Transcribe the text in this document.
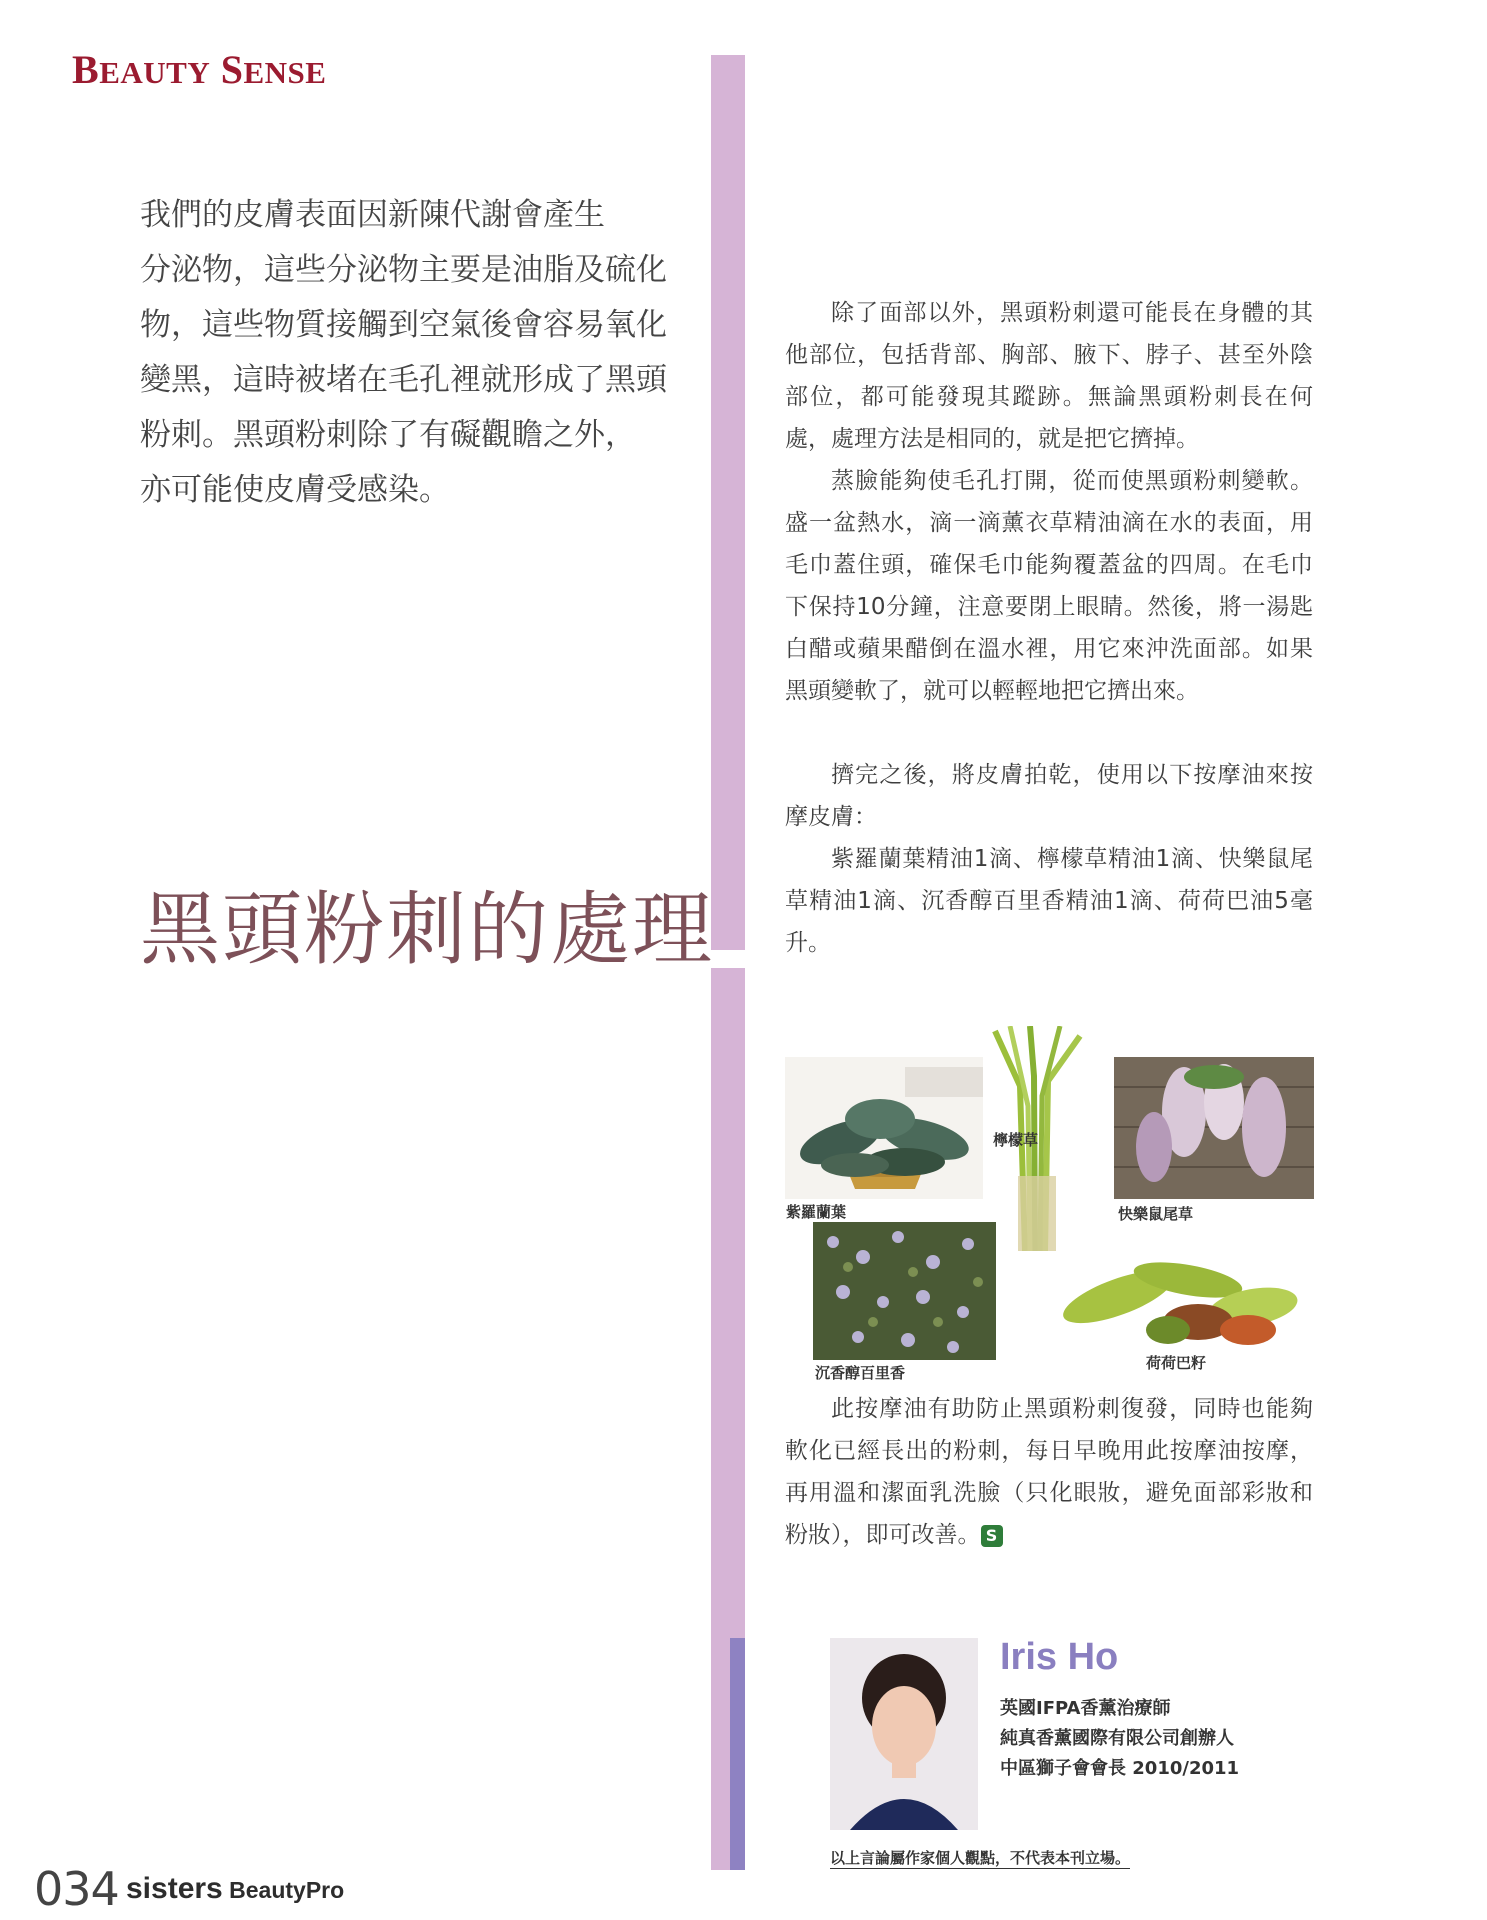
BEAUTY SENSE

我們的皮膚表面因新陳代謝會產生

分泌物，這些分泌物主要是油脂及硫化

物，這些物質接觸到空氣後會容易氧化

變黑，這時被堵在毛孔裡就形成了黑頭

粉刺。黑頭粉刺除了有礙觀瞻之外，

亦可能使皮膚受感染。

黑頭粉刺的處理

除了面部以外，黑頭粉刺還可能長在身體的其他部位，包括背部、胸部、腋下、脖子、甚至外陰部位，都可能發現其蹤跡。無論黑頭粉刺長在何處，處理方法是相同的，就是把它擠掉。

蒸臉能夠使毛孔打開，從而使黑頭粉刺變軟。盛一盆熱水，滴一滴薰衣草精油滴在水的表面，用毛巾蓋住頭，確保毛巾能夠覆蓋盆的四周。在毛巾下保持10分鐘，注意要閉上眼睛。然後，將一湯匙白醋或蘋果醋倒在溫水裡，用它來沖洗面部。如果黑頭變軟了，就可以輕輕地把它擠出來。

擠完之後，將皮膚拍乾，使用以下按摩油來按摩皮膚：

紫羅蘭葉精油1滴、檸檬草精油1滴、快樂鼠尾草精油1滴、沉香醇百里香精油1滴、荷荷巴油5毫升。

紫羅蘭葉
檸檬草
快樂鼠尾草
沉香醇百里香
荷荷巴籽

此按摩油有助防止黑頭粉刺復發，同時也能夠軟化已經長出的粉刺，每日早晚用此按摩油按摩，再用溫和潔面乳洗臉（只化眼妝，避免面部彩妝和粉妝），即可改善。 S

Iris Ho
英國IFPA香薰治療師
純真香薰國際有限公司創辦人
中區獅子會會長 2010/2011
以上言論屬作家個人觀點，不代表本刊立場。
034 sisters BeautyPro
